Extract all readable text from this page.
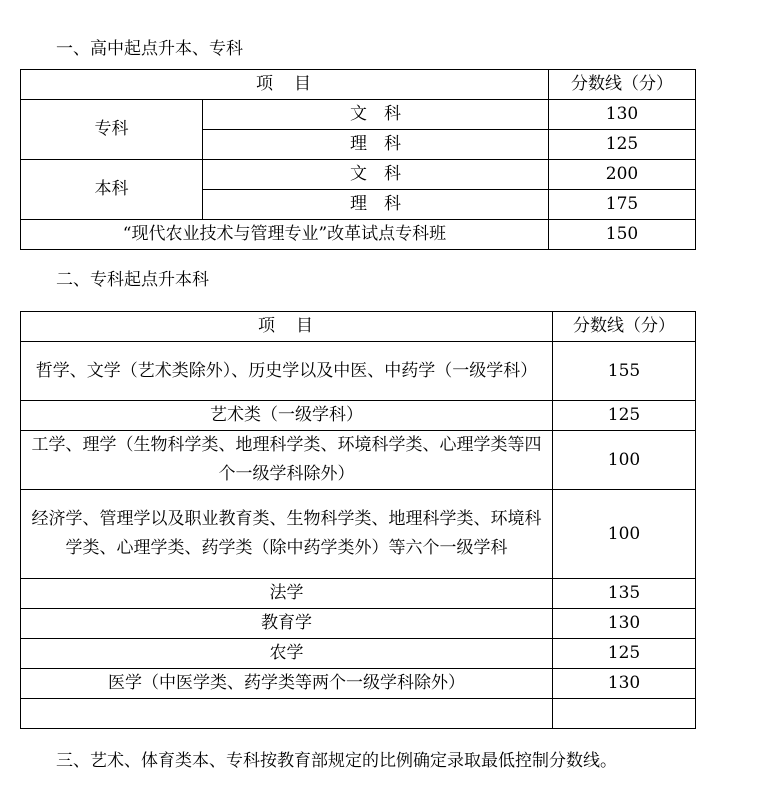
一、高中起点升本、专科
项　目		分数线（分）
专科	文　科	130
	理　科	125
本科	文　科	200
	理　科	175
“现代农业技术与管理专业”改革试点专科班		150
二、专科起点升本科
项　目	分数线（分）
哲学、文学（艺术类除外）、历史学以及中医、中药学（一级学科）	155
艺术类（一级学科）	125
工学、理学（生物科学类、地理科学类、环境科学类、心理学类等四个一级学科除外）	100
经济学、管理学以及职业教育类、生物科学类、地理科学类、环境科学类、心理学类、药学类（除中药学类外）等六个一级学科	100
法学	135
教育学	130
农学	125
医学（中医学类、药学类等两个一级学科除外）	130

三、艺术、体育类本、专科按教育部规定的比例确定录取最低控制分数线。
